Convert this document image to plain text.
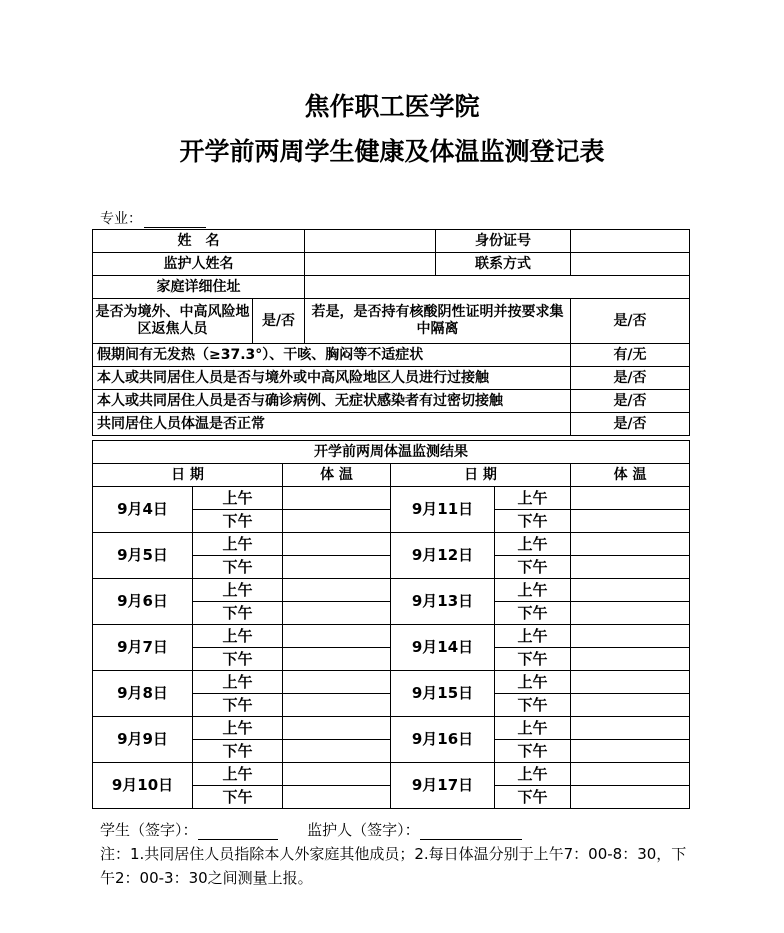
焦作职工医学院
开学前两周学生健康及体温监测登记表
专业：
姓　名			身份证号	
监护人姓名			联系方式	
家庭详细住址				
是否为境外、中高风险地区返焦人员	是/否	若是，是否持有核酸阴性证明并按要求集中隔离		是/否
假期间有无发热（≥37.3°）、干咳、胸闷等不适症状				有/无
本人或共同居住人员是否与境外或中高风险地区人员进行过接触				是/否
本人或共同居住人员是否与确诊病例、无症状感染者有过密切接触				是/否
共同居住人员体温是否正常				是/否
开学前两周体温监测结果					
日 期		体 温	日 期		体 温
9月4日	上午		9月11日	上午	
	下午			下午	
9月5日	上午		9月12日	上午	
	下午			下午	
9月6日	上午		9月13日	上午	
	下午			下午	
9月7日	上午		9月14日	上午	
	下午			下午	
9月8日	上午		9月15日	上午	
	下午			下午	
9月9日	上午		9月16日	上午	
	下午			下午	
9月10日	上午		9月17日	上午	
	下午			下午	
学生（签字）：	监护人（签字）：
注：1.共同居住人员指除本人外家庭其他成员；2.每日体温分别于上午7：00-8：30，下午2：00-3：30之间测量上报。
